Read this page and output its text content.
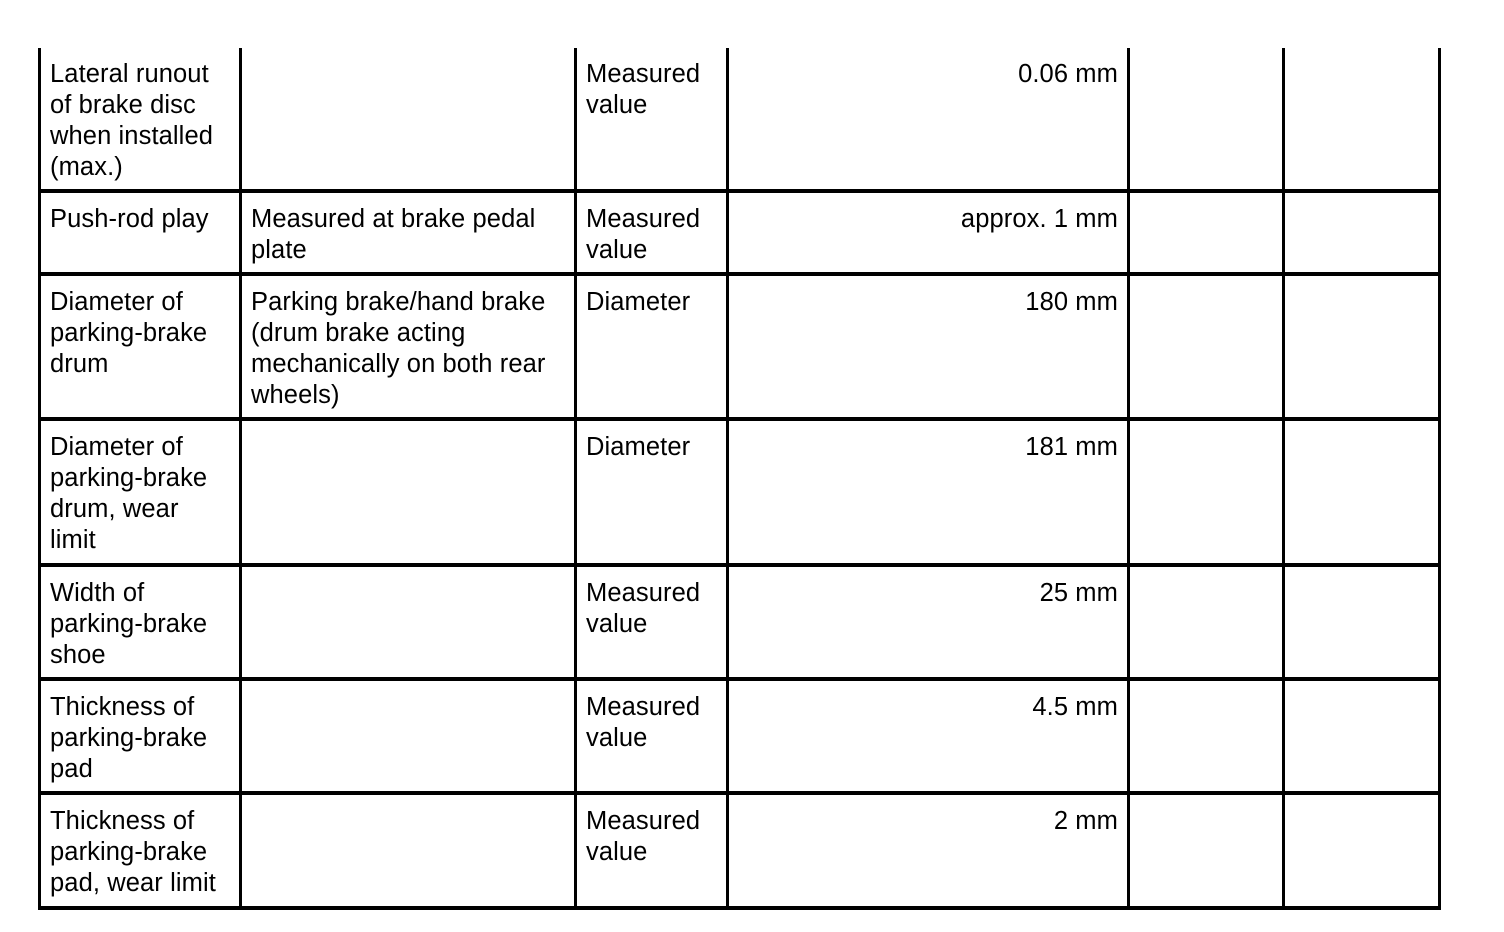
Lateral runout of brake disc when installed (max.)		Measured value	0.06 mm		
Push-rod play	Measured at brake pedal plate	Measured value	approx. 1 mm		
Diameter of parking-brake drum	Parking brake/hand brake (drum brake acting mechanically on both rear wheels)	Diameter	180 mm		
Diameter of parking-brake drum, wear limit		Diameter	181 mm		
Width of parking-brake shoe		Measured value	25 mm		
Thickness of parking-brake pad		Measured value	4.5 mm		
Thickness of parking-brake pad, wear limit		Measured value	2 mm		
